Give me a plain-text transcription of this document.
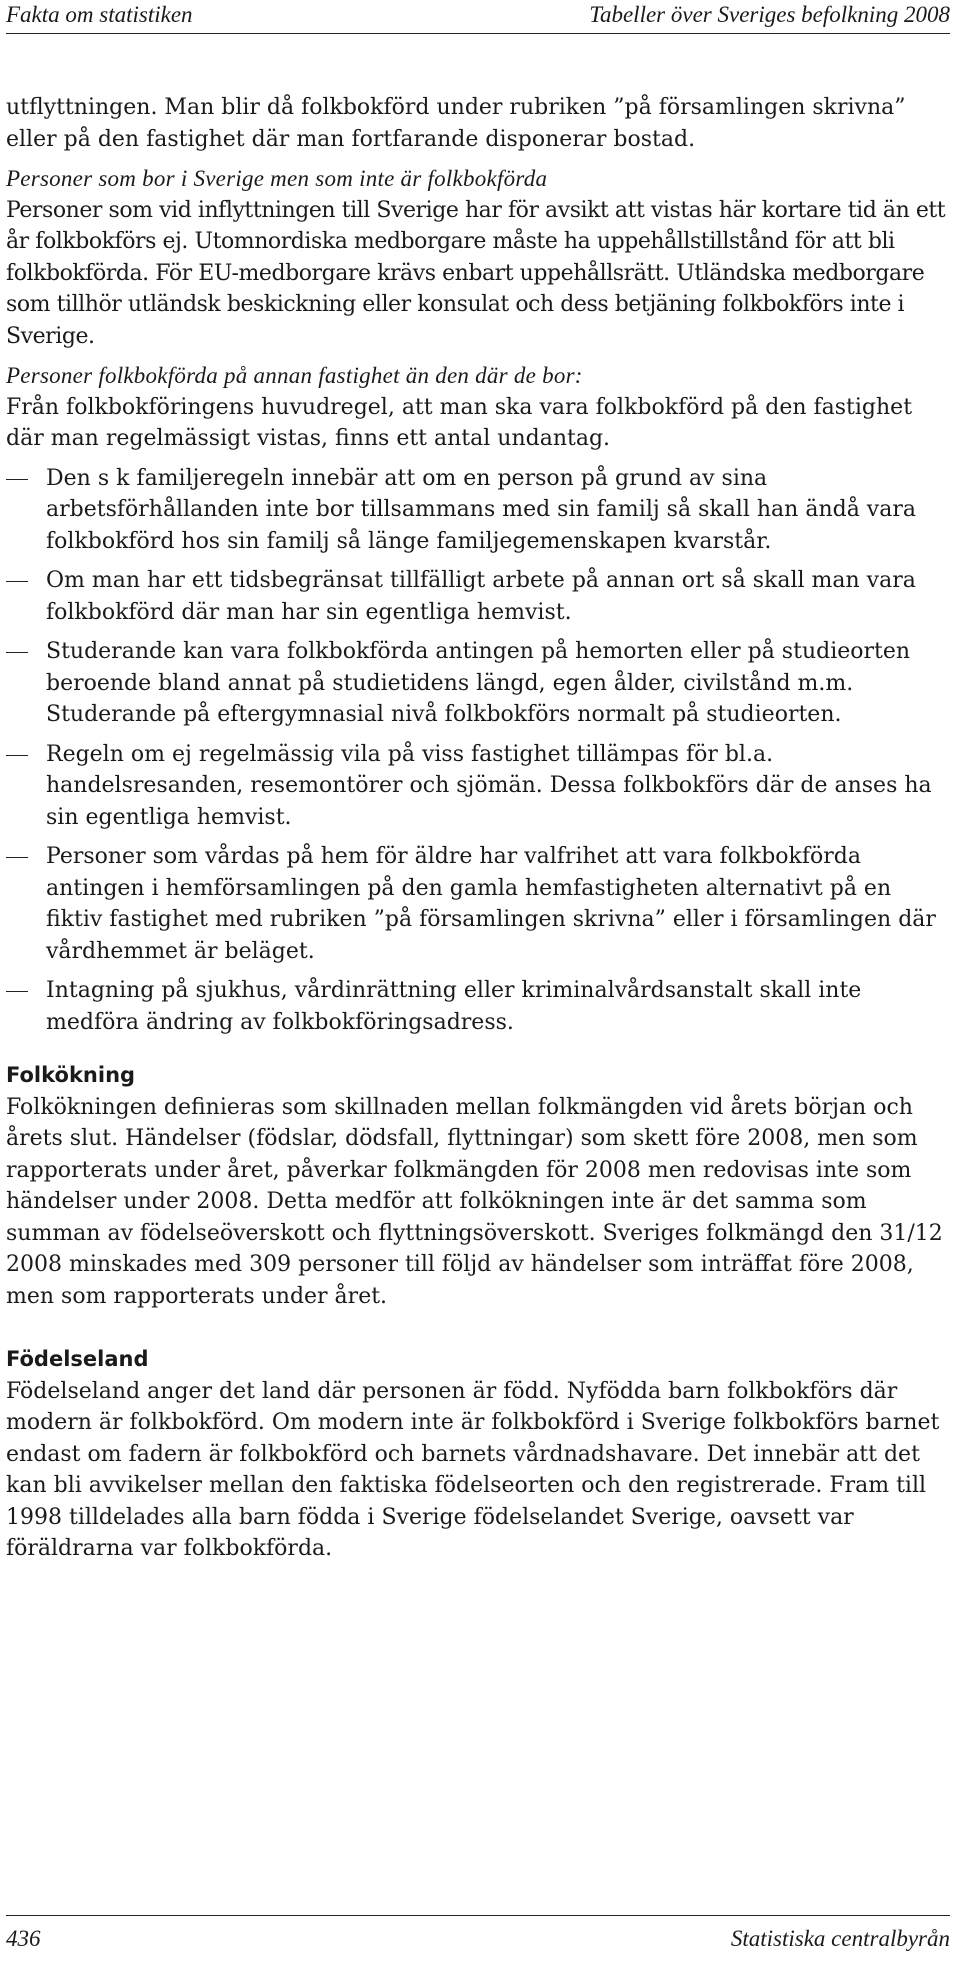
Fakta om statistiken	Tabeller över Sveriges befolkning 2008

utflyttningen. Man blir då folkbokförd under rubriken ”på församlingen skrivna” eller på den fastighet där man fortfarande disponerar bostad.

Personer som bor i Sverige men som inte är folkbokförda

Personer som vid inflyttningen till Sverige har för avsikt att vistas här kortare tid än ett år folkbokförs ej. Utomnordiska medborgare måste ha uppehållstillstånd för att bli folkbokförda. För EU-medborgare krävs enbart uppehållsrätt. Utländska medborgare som tillhör utländsk beskickning eller konsulat och dess betjäning folkbokförs inte i Sverige.

Personer folkbokförda på annan fastighet än den där de bor:

Från folkbokföringens huvudregel, att man ska vara folkbokförd på den fastighet där man regelmässigt vistas, finns ett antal undantag.

Den s k familjeregeln innebär att om en person på grund av sina arbetsförhållanden inte bor tillsammans med sin familj så skall han ändå vara folkbokförd hos sin familj så länge familjegemenskapen kvarstår.
Om man har ett tidsbegränsat tillfälligt arbete på annan ort så skall man vara folkbokförd där man har sin egentliga hemvist.
Studerande kan vara folkbokförda antingen på hemorten eller på studieorten beroende bland annat på studietidens längd, egen ålder, civilstånd m.m. Studerande på eftergymnasial nivå folkbokförs normalt på studieorten.
Regeln om ej regelmässig vila på viss fastighet tillämpas för bl.a. handelsresanden, resemontörer och sjömän. Dessa folkbokförs där de anses ha sin egentliga hemvist.
Personer som vårdas på hem för äldre har valfrihet att vara folkbokförda antingen i hemförsamlingen på den gamla hemfastigheten alternativt på en fiktiv fastighet med rubriken ”på församlingen skrivna” eller i församlingen där vårdhemmet är beläget.
Intagning på sjukhus, vårdinrättning eller kriminalvårdsanstalt skall inte medföra ändring av folkbokföringsadress.
Folkökning

Folkökningen definieras som skillnaden mellan folkmängden vid årets början och årets slut. Händelser (födslar, dödsfall, flyttningar) som skett före 2008, men som rapporterats under året, påverkar folkmängden för 2008 men redovisas inte som händelser under 2008. Detta medför att folkökningen inte är det samma som summan av födelseöverskott och flyttningsöverskott. Sveriges folkmängd den 31/12 2008 minskades med 309 personer till följd av händelser som inträffat före 2008, men som rapporterats under året.

Födelseland

Födelseland anger det land där personen är född. Nyfödda barn folkbokförs där modern är folkbokförd. Om modern inte är folkbokförd i Sverige folkbokförs barnet endast om fadern är folkbokförd och barnets vårdnadshavare. Det innebär att det kan bli avvikelser mellan den faktiska födelseorten och den registrerade. Fram till 1998 tilldelades alla barn födda i Sverige födelselandet Sverige, oavsett var föräldrarna var folkbokförda.

436	Statistiska centralbyrån
